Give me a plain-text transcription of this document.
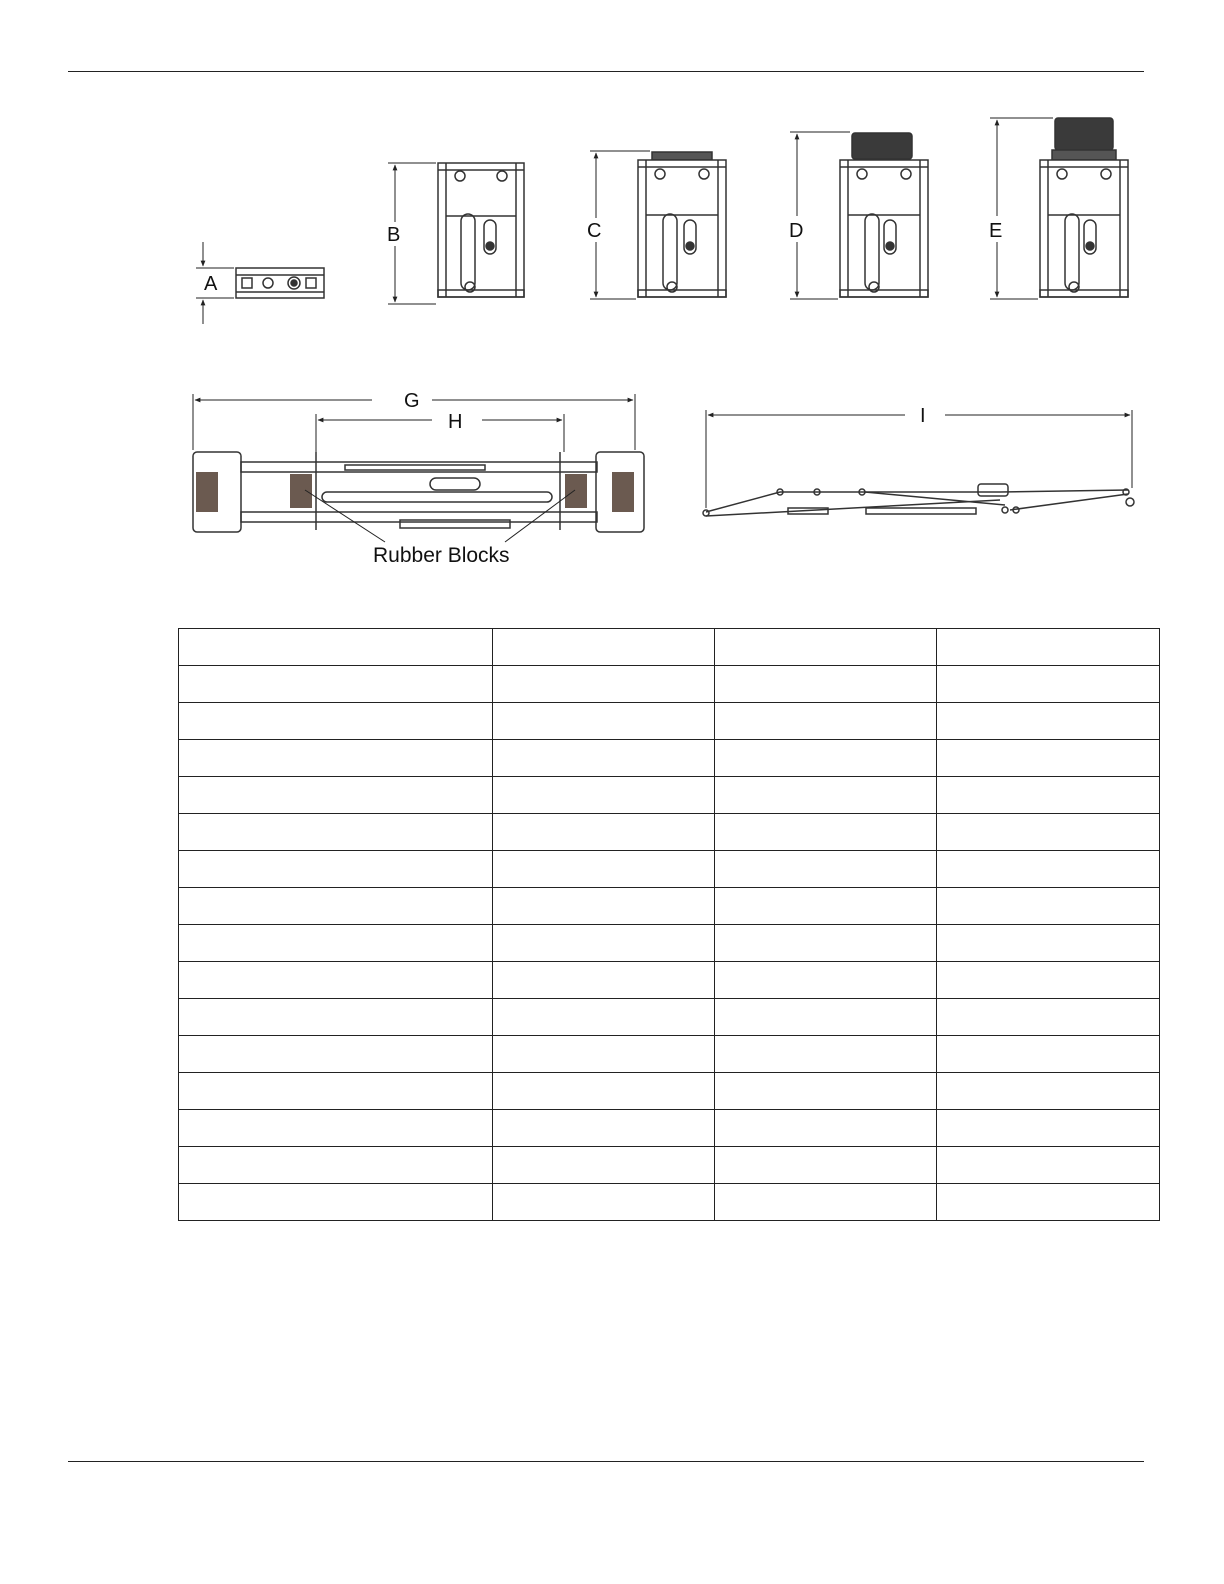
A
B	C	D	E
G
H
Rubber Blocks
I
